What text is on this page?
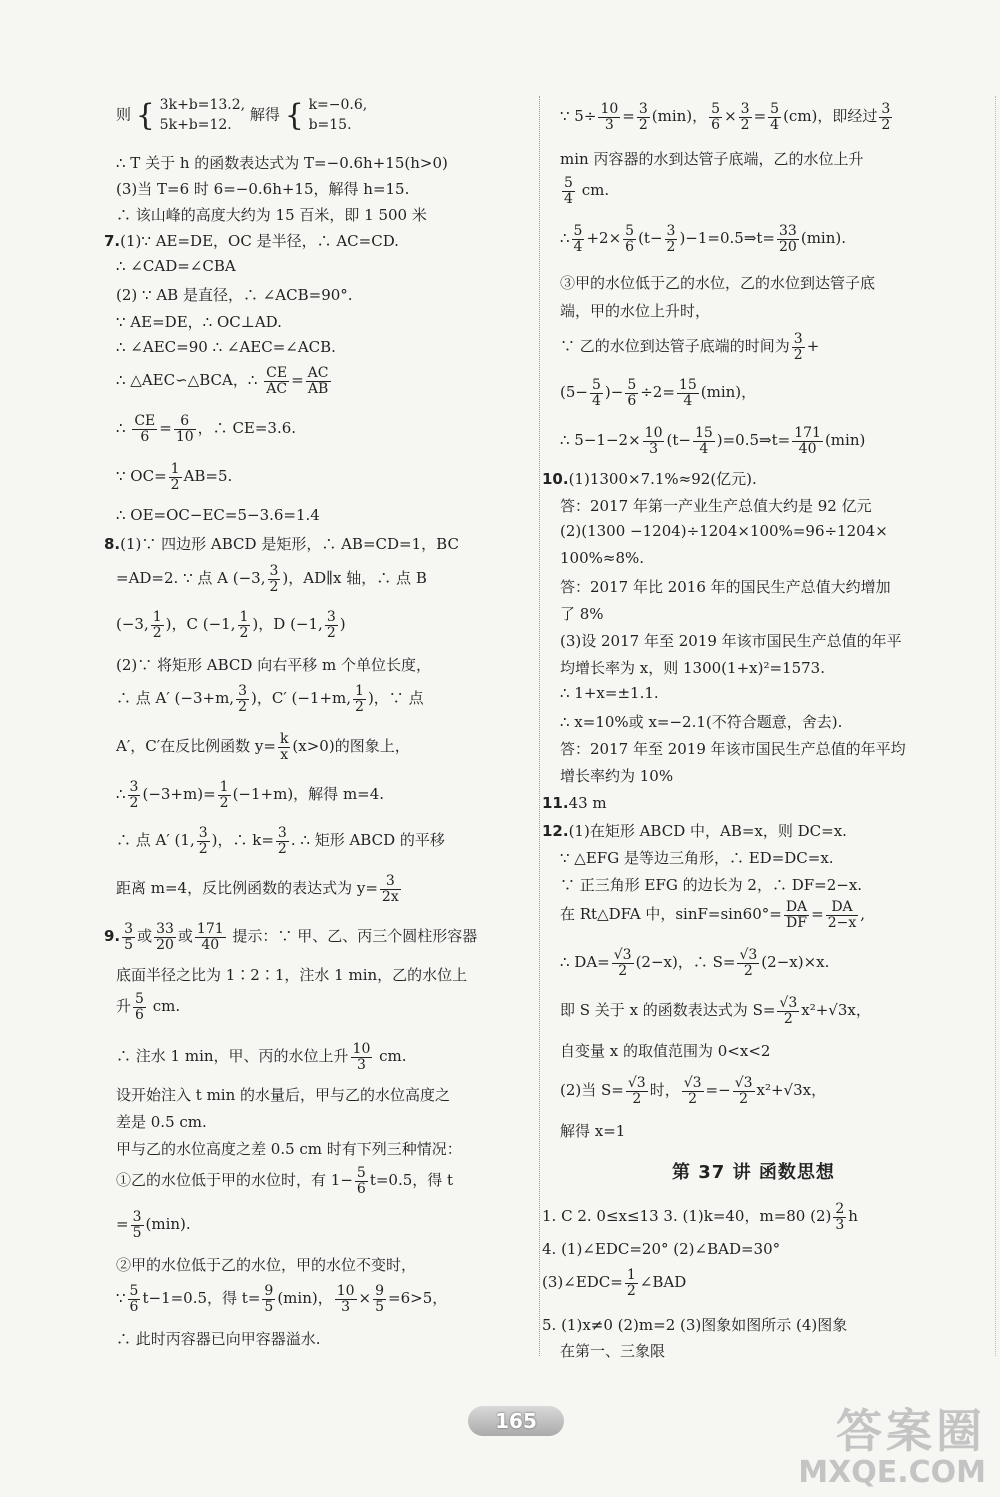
则 { 3k+b=13.2,
5k+b=12.
解得 { k=−0.6,
b=15.
∴ T 关于 h 的函数表达式为 T=−0.6h+15(h>0)
(3)当 T=6 时 6=−0.6h+15，解得 h=15.
∴ 该山峰的高度大约为 15 百米，即 1 500 米
7.(1)∵ AE=DE，OC 是半径，∴ AC=CD.
∴ ∠CAD=∠CBA
(2) ∵ AB 是直径，∴ ∠ACB=90°.
∵ AE=DE，∴ OC⊥AD.
∴ ∠AEC=90 ∴ ∠AEC=∠ACB.
∴ △AEC∽△BCA，∴ $\frac{CE}{AC} = \frac{AC}{AB}$
∴ $\frac{CE}{6} = \frac{6}{10}$ ，∴ CE=3.6.
∵ $OC= \frac{1}{2} AB=5$.
∴ OE=OC−EC=5−3.6=1.4
8.(1)∵ 四边形 ABCD 是矩形，∴ AB=CD=1，BC
=AD=2. ∵ 点 A (−3, $\frac{3}{2}$ )，AD∥x 轴，∴ 点 B
(−3, $\frac{1}{2}$ )，C (−1, $\frac{1}{2}$ )，D (−1, $\frac{3}{2}$ )
(2)∵ 将矩形 ABCD 向右平移 m 个单位长度，
∴ 点 A′ (−3+m, $\frac{3}{2}$ )，C′ (−1+m, $\frac{1}{2}$ )，∵ 点
A′，C′在反比例函数 $y= \frac{k}{x} (x>0)$的图象上，
∴ $\frac{3}{2} (-3+m)= \frac{1}{2} (-1+m)$，解得 m=4.
∴ 点 A′ (1, $\frac{3}{2}$ )，∴ $k= \frac{3}{2}$ . ∴ 矩形 ABCD 的平移
距离 m=4，反比例函数的表达式为 $y= \frac{3}{2x}$
9. $\frac{3}{5}$ 或 $\frac{33}{20}$ 或 $\frac{171}{40}$ 提示：∵ 甲、乙、丙三个圆柱形容器
底面半径之比为 1∶2∶1，注水 1 min，乙的水位上
升 $\frac{5}{6}$ cm.
∴ 注水 1 min，甲、丙的水位上升 $\frac{10}{3}$ cm.
设开始注入 t min 的水量后，甲与乙的水位高度之
差是 0.5 cm.
甲与乙的水位高度之差 0.5 cm 时有下列三种情况：
①乙的水位低于甲的水位时，有 $1- \frac{5}{6} t=0.5$，得 t
= $\frac{3}{5} (\min)$.
②甲的水位低于乙的水位，甲的水位不变时，
∵ $\frac{5}{6} t-1=0.5$，得 $t= \frac{9}{5} (\min)$， $\frac{10}{3} \times \frac{9}{5} =6>5$，
∴ 此时丙容器已向甲容器溢水.
∵ $5\div \frac{10}{3} = \frac{3}{2} (\min)$， $\frac{5}{6} \times \frac{3}{2} = \frac{5}{4} (cm)$，即经过 $\frac{3}{2}$
min 丙容器的水到达管子底端，乙的水位上升
$\frac{5}{4}$ cm.
∴ $\frac{5}{4} +2\times \frac{5}{6} (t- \frac{3}{2}$ )−1=0.5⇒t= $\frac{33}{20} (\min)$.
③甲的水位低于乙的水位，乙的水位到达管子底
端，甲的水位上升时，
∵ 乙的水位到达管子底端的时间为 $\frac{3}{2}$ +
($5- \frac{5}{4}$ )− $\frac{5}{6} \div 2= \frac{15}{4} (\min)$，
∴ $5-1-2\times \frac{10}{3} (t- \frac{15}{4}$ )=0.5⇒t= $\frac{171}{40} (\min)$
10.(1)1300×7.1%≈92(亿元).
答：2017 年第一产业生产总值大约是 92 亿元
(2)(1300 −1204)÷1204×100%=96÷1204×
100%≈8%.
答：2017 年比 2016 年的国民生产总值大约增加
了 8%
(3)设 2017 年至 2019 年该市国民生产总值的年平
均增长率为 x，则 1300(1+x)²=1573.
∴ 1+x=±1.1.
∴ x=10%或 x=−2.1(不符合题意，舍去).
答：2017 年至 2019 年该市国民生产总值的年平均
增长率约为 10%
11.43 m
12.(1)在矩形 ABCD 中，AB=x，则 DC=x.
∵ △EFG 是等边三角形，∴ ED=DC=x.
∵ 正三角形 EFG 的边长为 2，∴ DF=2−x.
在 Rt△DFA 中，$\sin F=\sin 60^\circ= \frac{DA}{DF} = \frac{DA}{2-x}$ ,
∴ $DA= \frac{√3}{2} (2-x)$，∴ $S= \frac{√3}{2} (2-x)\times x$.
即 S 关于 x 的函数表达式为 $S= \frac{√3}{2} x^2+√3x$，
自变量 x 的取值范围为 0<x<2
(2)当 $S= \frac{√3}{2}$ 时， $\frac{√3}{2} =- \frac{√3}{2} x^2+√3x$，
解得 x=1
1. C 2. 0≤x≤13 3. (1)k=40，m=80 $(2) \frac{2}{3}$ h
4. (1)∠EDC=20° (2)∠BAD=30°
(3)∠EDC= $\frac{1}{2}$ ∠BAD
5. (1)x≠0 (2)m=2 (3)图象如图所示 (4)图象
在第一、三象限
第 37 讲 函数思想
165	答案圈
MXQE.COM
